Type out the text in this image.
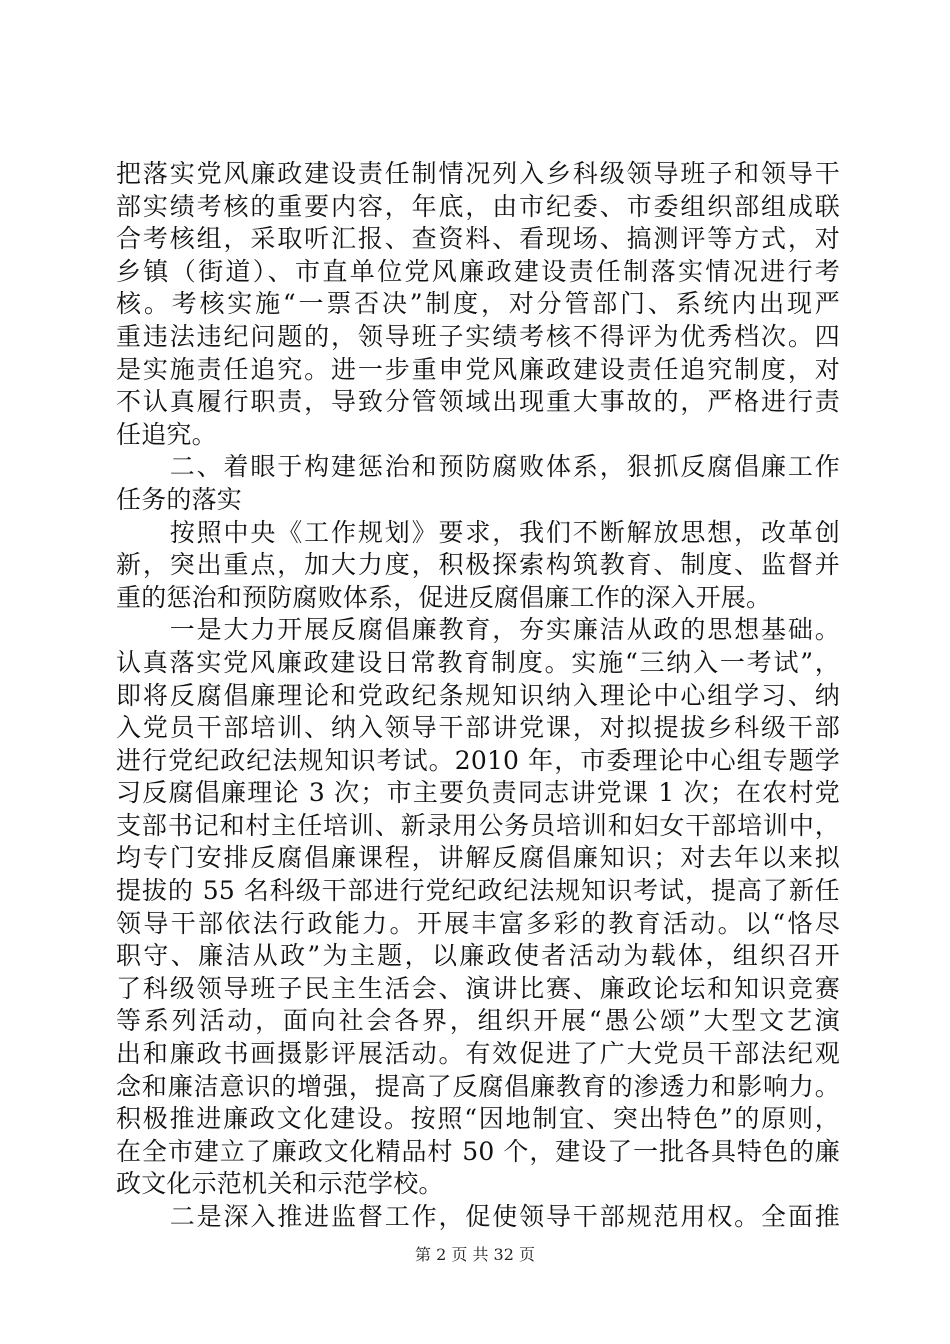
把落实党风廉政建设责任制情况列入乡科级领导班子和领导干
部实绩考核的重要内容，年底，由市纪委、市委组织部组成联
合考核组，采取听汇报、查资料、看现场、搞测评等方式，对
乡镇（街道）、市直单位党风廉政建设责任制落实情况进行考
核。考核实施“一票否决”制度，对分管部门、系统内出现严
重违法违纪问题的，领导班子实绩考核不得评为优秀档次。四
是实施责任追究。进一步重申党风廉政建设责任追究制度，对
不认真履行职责，导致分管领域出现重大事故的，严格进行责
任追究。
　　二、着眼于构建惩治和预防腐败体系，狠抓反腐倡廉工作
任务的落实
　　按照中央《工作规划》要求，我们不断解放思想，改革创
新，突出重点，加大力度，积极探索构筑教育、制度、监督并
重的惩治和预防腐败体系，促进反腐倡廉工作的深入开展。
　　一是大力开展反腐倡廉教育，夯实廉洁从政的思想基础。
认真落实党风廉政建设日常教育制度。实施“三纳入一考试”，
即将反腐倡廉理论和党政纪条规知识纳入理论中心组学习、纳
入党员干部培训、纳入领导干部讲党课，对拟提拔乡科级干部
进行党纪政纪法规知识考试。2010 年，市委理论中心组专题学
习反腐倡廉理论 3 次；市主要负责同志讲党课 1 次；在农村党
支部书记和村主任培训、新录用公务员培训和妇女干部培训中，
均专门安排反腐倡廉课程，讲解反腐倡廉知识；对去年以来拟
提拔的 55 名科级干部进行党纪政纪法规知识考试，提高了新任
领导干部依法行政能力。开展丰富多彩的教育活动。以“恪尽
职守、廉洁从政”为主题，以廉政使者活动为载体，组织召开
了科级领导班子民主生活会、演讲比赛、廉政论坛和知识竞赛
等系列活动，面向社会各界，组织开展“愚公颂”大型文艺演
出和廉政书画摄影评展活动。有效促进了广大党员干部法纪观
念和廉洁意识的增强，提高了反腐倡廉教育的渗透力和影响力。
积极推进廉政文化建设。按照“因地制宜、突出特色”的原则，
在全市建立了廉政文化精品村 50 个，建设了一批各具特色的廉
政文化示范机关和示范学校。
　　二是深入推进监督工作，促使领导干部规范用权。全面推
第 2 页 共 32 页
